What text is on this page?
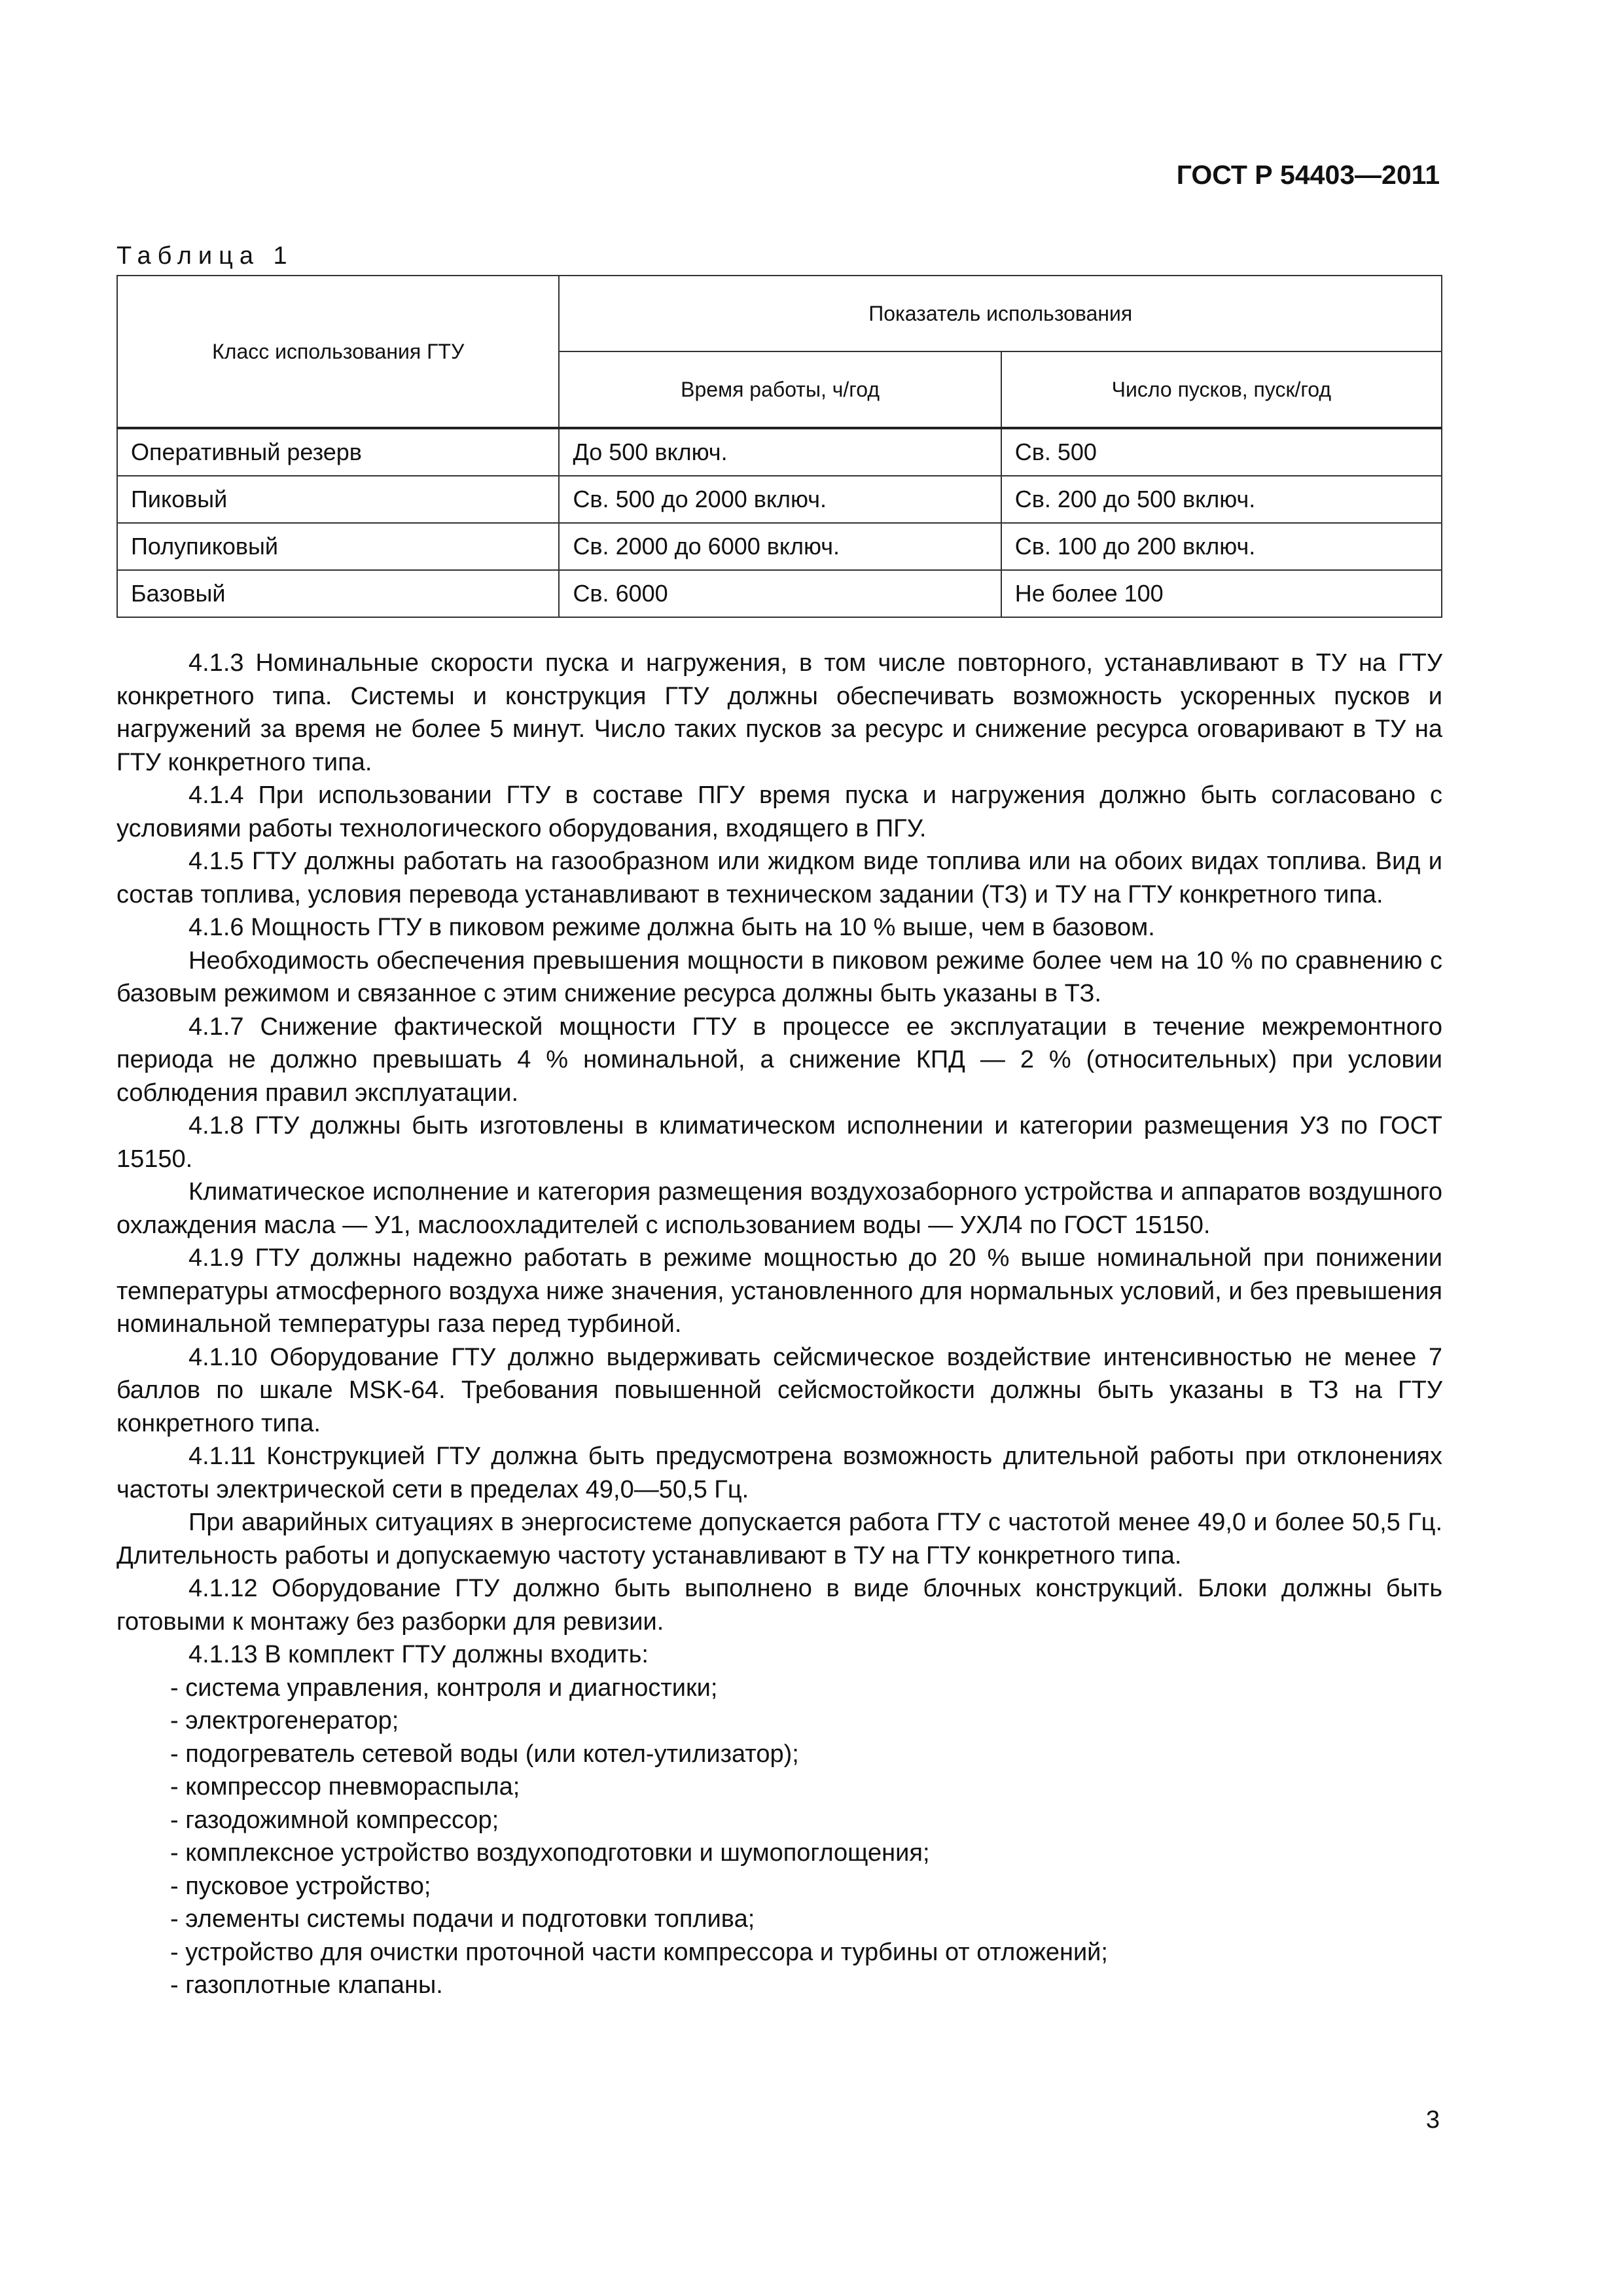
ГОСТ Р 54403—2011
Таблица 1
Класс использования ГТУ	Показатель использования	
	Время работы, ч/год	Число пусков, пуск/год
Оперативный резерв	До 500 включ.	Св. 500
Пиковый	Св. 500 до 2000 включ.	Св. 200 до 500 включ.
Полупиковый	Св. 2000 до 6000 включ.	Св. 100 до 200 включ.
Базовый	Св. 6000	Не более 100

4.1.3 Номинальные скорости пуска и нагружения, в том числе повторного, устанавливают в ТУ на ГТУ конкретного типа. Системы и конструкция ГТУ должны обеспечивать возможность ускоренных пусков и нагружений за время не более 5 минут. Число таких пусков за ресурс и снижение ресурса оговаривают в ТУ на ГТУ конкретного типа.

4.1.4 При использовании ГТУ в составе ПГУ время пуска и нагружения должно быть согласовано с условиями работы технологического оборудования, входящего в ПГУ.

4.1.5 ГТУ должны работать на газообразном или жидком виде топлива или на обоих видах топлива. Вид и состав топлива, условия перевода устанавливают в техническом задании (ТЗ) и ТУ на ГТУ конкретного типа.

4.1.6 Мощность ГТУ в пиковом режиме должна быть на 10 % выше, чем в базовом.

Необходимость обеспечения превышения мощности в пиковом режиме более чем на 10 % по сравнению с базовым режимом и связанное с этим снижение ресурса должны быть указаны в ТЗ.

4.1.7 Снижение фактической мощности ГТУ в процессе ее эксплуатации в течение межремонтного периода не должно превышать 4 % номинальной, а снижение КПД — 2 % (относительных) при условии соблюдения правил эксплуатации.

4.1.8 ГТУ должны быть изготовлены в климатическом исполнении и категории размещения У3 по ГОСТ 15150.

Климатическое исполнение и категория размещения воздухозаборного устройства и аппаратов воздушного охлаждения масла — У1, маслоохладителей с использованием воды — УХЛ4 по ГОСТ 15150.

4.1.9 ГТУ должны надежно работать в режиме мощностью до 20 % выше номинальной при понижении температуры атмосферного воздуха ниже значения, установленного для нормальных условий, и без превышения номинальной температуры газа перед турбиной.

4.1.10 Оборудование ГТУ должно выдерживать сейсмическое воздействие интенсивностью не менее 7 баллов по шкале MSK-64. Требования повышенной сейсмостойкости должны быть указаны в ТЗ на ГТУ конкретного типа.

4.1.11 Конструкцией ГТУ должна быть предусмотрена возможность длительной работы при отклонениях частоты электрической сети в пределах 49,0—50,5 Гц.

При аварийных ситуациях в энергосистеме допускается работа ГТУ с частотой менее 49,0 и более 50,5 Гц. Длительность работы и допускаемую частоту устанавливают в ТУ на ГТУ конкретного типа.

4.1.12 Оборудование ГТУ должно быть выполнено в виде блочных конструкций. Блоки должны быть готовыми к монтажу без разборки для ревизии.

4.1.13 В комплект ГТУ должны входить:

- система управления, контроля и диагностики;
- электрогенератор;
- подогреватель сетевой воды (или котел-утилизатор);
- компрессор пневмораспыла;
- газодожимной компрессор;
- комплексное устройство воздухоподготовки и шумопоглощения;
- пусковое устройство;
- элементы системы подачи и подготовки топлива;
- устройство для очистки проточной части компрессора и турбины от отложений;
- газоплотные клапаны.
3
